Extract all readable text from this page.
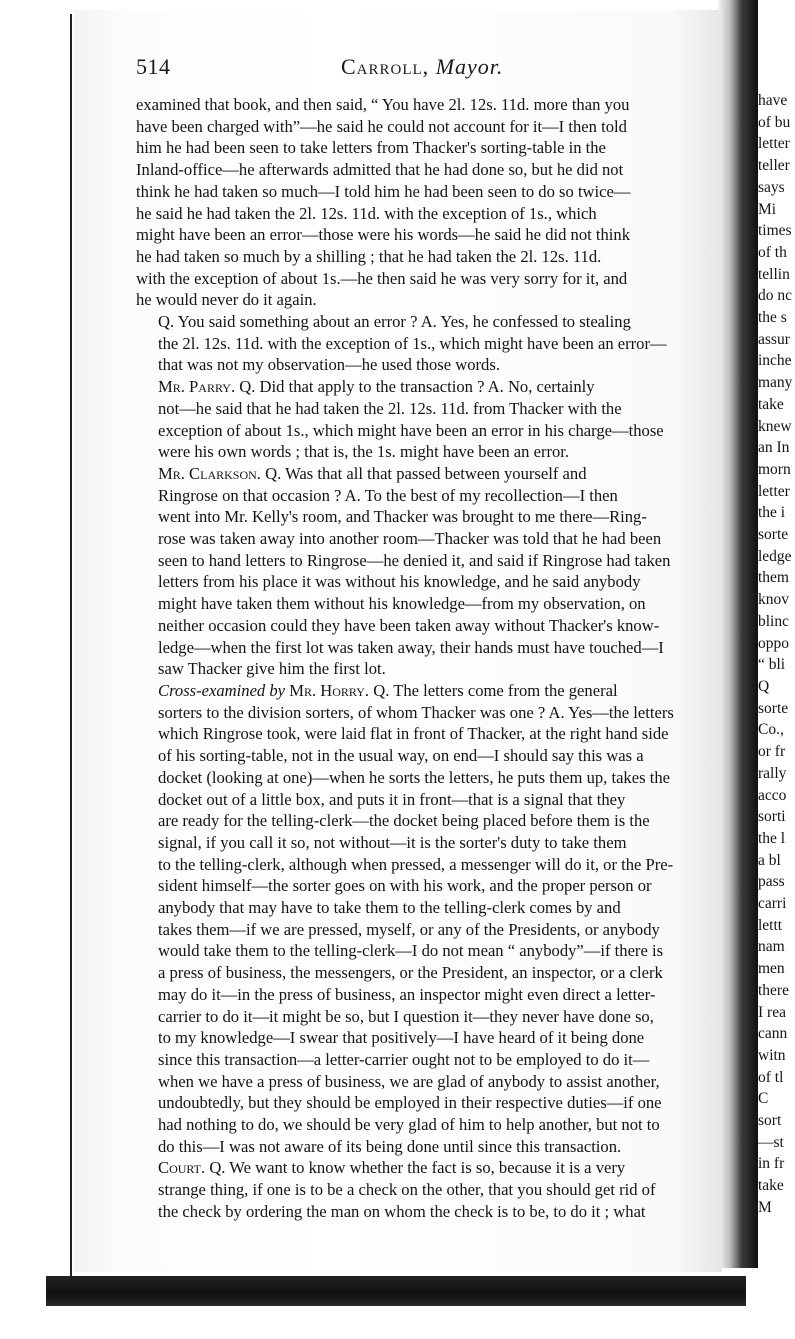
514	Carroll, Mayor.

examined that book, and then said, “ You have 2l. 12s. 11d. more than you
have been charged with”—he said he could not account for it—I then told
him he had been seen to take letters from Thacker's sorting-table in the
Inland-office—he afterwards admitted that he had done so, but he did not
think he had taken so much—I told him he had been seen to do so twice—
he said he had taken the 2l. 12s. 11d. with the exception of 1s., which
might have been an error—those were his words—he said he did not think
he had taken so much by a shilling ; that he had taken the 2l. 12s. 11d.
with the exception of about 1s.—he then said he was very sorry for it, and
he would never do it again.

Q. You said something about an error ? A. Yes, he confessed to stealing
the 2l. 12s. 11d. with the exception of 1s., which might have been an error—
that was not my observation—he used those words.

Mr. Parry. Q. Did that apply to the transaction ? A. No, certainly
not—he said that he had taken the 2l. 12s. 11d. from Thacker with the
exception of about 1s., which might have been an error in his charge—those
were his own words ; that is, the 1s. might have been an error.

Mr. Clarkson. Q. Was that all that passed between yourself and
Ringrose on that occasion ? A. To the best of my recollection—I then
went into Mr. Kelly's room, and Thacker was brought to me there—Ring-
rose was taken away into another room—Thacker was told that he had been
seen to hand letters to Ringrose—he denied it, and said if Ringrose had taken
letters from his place it was without his knowledge, and he said anybody
might have taken them without his knowledge—from my observation, on
neither occasion could they have been taken away without Thacker's know-
ledge—when the first lot was taken away, their hands must have touched—I
saw Thacker give him the first lot.

Cross-examined by Mr. Horry. Q. The letters come from the general
sorters to the division sorters, of whom Thacker was one ? A. Yes—the letters
which Ringrose took, were laid flat in front of Thacker, at the right hand side
of his sorting-table, not in the usual way, on end—I should say this was a
docket (looking at one)—when he sorts the letters, he puts them up, takes the
docket out of a little box, and puts it in front—that is a signal that they
are ready for the telling-clerk—the docket being placed before them is the
signal, if you call it so, not without—it is the sorter's duty to take them
to the telling-clerk, although when pressed, a messenger will do it, or the Pre-
sident himself—the sorter goes on with his work, and the proper person or
anybody that may have to take them to the telling-clerk comes by and
takes them—if we are pressed, myself, or any of the Presidents, or anybody
would take them to the telling-clerk—I do not mean “ anybody”—if there is
a press of business, the messengers, or the President, an inspector, or a clerk
may do it—in the press of business, an inspector might even direct a letter-
carrier to do it—it might be so, but I question it—they never have done so,
to my knowledge—I swear that positively—I have heard of it being done
since this transaction—a letter-carrier ought not to be employed to do it—
when we have a press of business, we are glad of anybody to assist another,
undoubtedly, but they should be employed in their respective duties—if one
had nothing to do, we should be very glad of him to help another, but not to
do this—I was not aware of its being done until since this transaction.

Court. Q. We want to know whether the fact is so, because it is a very
strange thing, if one is to be a check on the other, that you should get rid of
the check by ordering the man on whom the check is to be, to do it ; what

have
of bu
letter
teller
says
Mi
times
of th
tellin
do nc
the s
assur
inche
many
take
knew
an In
morn
letter
the i
sorte
ledge
them
knov
blinc
oppo
“ bli
Q
sorte
Co.,
or fr
rally
acco
sorti
the l
a bl
pass
carri
lettt
nam
men
there
I rea
cann
witn
of tl
C
sort
—st
in fr
take
M
